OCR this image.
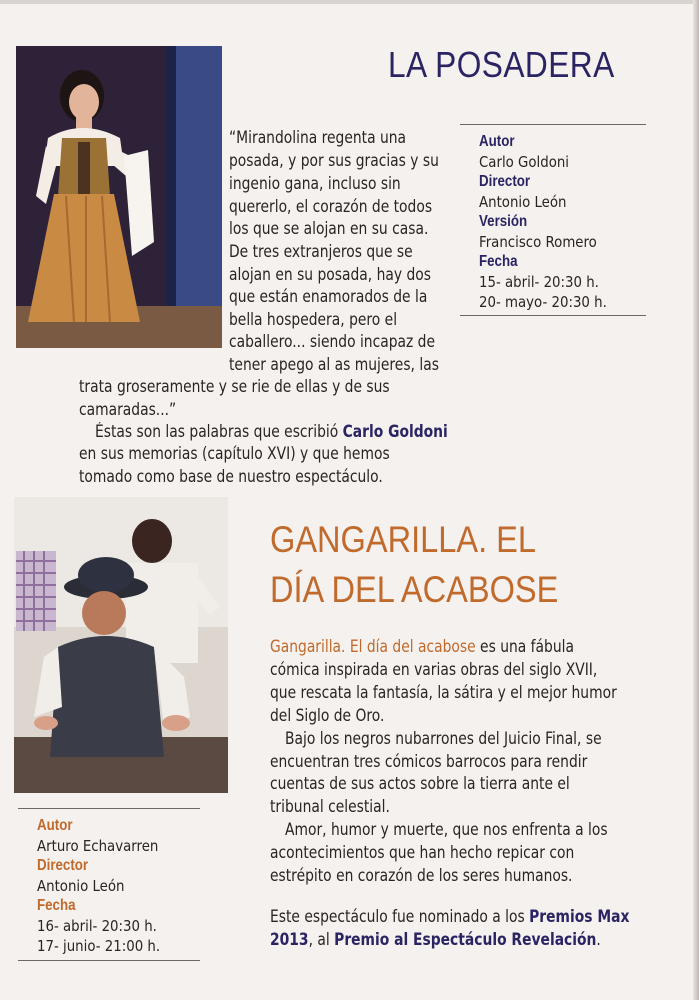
LA POSADERA
“Mirandolina regenta una
posada, y por sus gracias y su
ingenio gana, incluso sin
quererlo, el corazón de todos
los que se alojan en su casa.
De tres extranjeros que se
alojan en su posada, hay dos
que están enamorados de la
bella hospedera, pero el
caballero... siendo incapaz de
tener apego al as mujeres, las
trata groseramente y se rie de ellas y de sus
camaradas...”
Éstas son las palabras que escribió Carlo Goldoni
en sus memorias (capítulo XVI) y que hemos
tomado como base de nuestro espectáculo.
Autor
Carlo Goldoni
Director
Antonio León
Versión
Francisco Romero
Fecha
15- abril- 20:30 h.
20- mayo- 20:30 h.
GANGARILLA. EL
DÍA DEL ACABOSE
Gangarilla. El día del acabose es una fábula
cómica inspirada en varias obras del siglo XVII,
que rescata la fantasía, la sátira y el mejor humor
del Siglo de Oro.
Bajo los negros nubarrones del Juicio Final, se
encuentran tres cómicos barrocos para rendir
cuentas de sus actos sobre la tierra ante el
tribunal celestial.
Amor, humor y muerte, que nos enfrenta a los
acontecimientos que han hecho repicar con
estrépito en corazón de los seres humanos.
Este espectáculo fue nominado a los Premios Max
2013, al Premio al Espectáculo Revelación.
Autor
Arturo Echavarren
Director
Antonio León
Fecha
16- abril- 20:30 h.
17- junio- 21:00 h.
